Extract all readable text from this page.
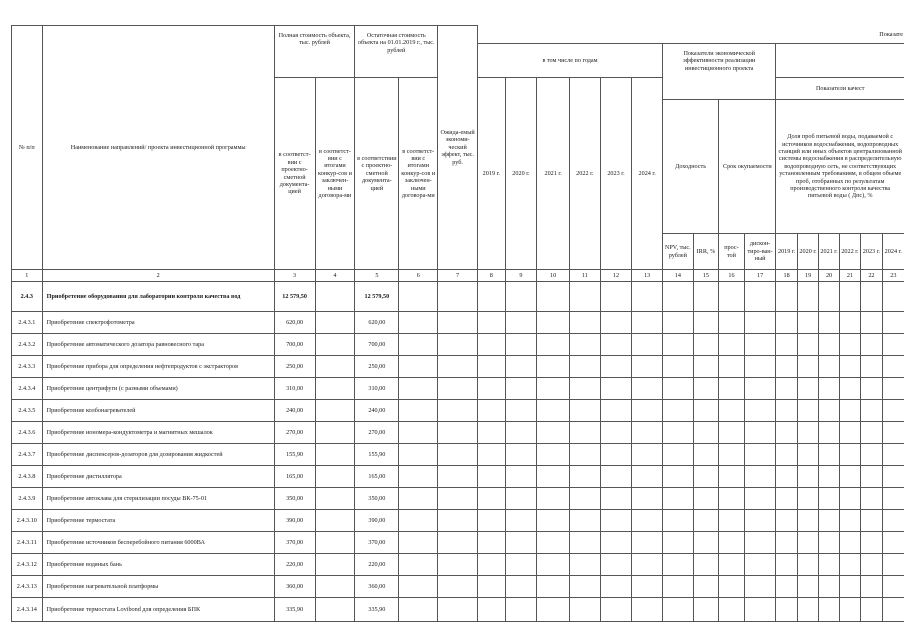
№ п/п	Наименование направлений/ проекта инвестиционной программы	Полная стоимость объекта, тыс. рублей		Остаточная стоимость объекта на 01.01.2019 г., тыс. рублей		Ожида-емый экономи-ческий эффект, тыс. руб.	Показате															
							в том числе по годам						Показатели экономической эффективности реализации инвестиционного проекта									
		в соответст-вии с проектно-сметной документа-цией	в соответст-вии с итогами конкур-сов и заключен-ными договора-ми	в соответствии с проектно-сметной документа-цией	в соответст-вии с итогами конкур-сов и заключен-ными договора-ми		2019 г.	2020 г.	2021 г.	2022 г.	2023 г.	2024 г.					Показатели качест					
													Доходность		Срок окупаемости		Доля проб питьевой воды, подаваемой с источников водоснабжения, водопроводных станций или иных объектов централизованной системы водоснабжения в распределительную водопроводную сеть, не соответствующих установленным требованиям, в общем объеме проб, отобранных по результатам производственного контроля качества питьевой воды ( Дпс), %					
													NPV, тыс. рублей	IRR, %	прос-той	дискон-тиро-ван-ный	2019 г.	2020 г.	2021 г.	2022 г.	2023 г.	2024 г.
1	2	3	4	5	6	7	8	9	10	11	12	13	14	15	16	17	18	19	20	21	22	23
2.4.3	Приобретение оборудования для лаборатории контроля качества вод	12 579,50		12 579,50																		
2.4.3.1	Приобретение спектрофотометра	620,00		620,00																		
2.4.3.2	Приобретение автоматического дозатора равновесного тара	700,00		700,00																		
2.4.3.3	Приобретение прибора для определения нефтепродуктов с экстракторов	250,00		250,00																		
2.4.3.4	Приобретение центрифуги (с разными объемами)	310,00		310,00																		
2.4.3.5	Приобретение колбонагревателей	240,00		240,00																		
2.4.3.6	Приобретение иономера-кондуктометра и магнитных мешалок	270,00		270,00																		
2.4.3.7	Приобретение диспенсеров-дозаторов для дозирования жидкостей	155,90		155,90																		
2.4.3.8	Приобретение дистиллятора	165,00		165,00																		
2.4.3.9	Приобретение автоклава для стерилизации посуды ВК-75-01	350,00		350,00																		
2.4.3.10	Приобретение термостата	390,00		390,00																		
2.4.3.11	Приобретение источников бесперебойного питания 6000ВА	370,00		370,00																		
2.4.3.12	Приобретение водяных бань	220,00		220,00																		
2.4.3.13	Приобретение нагревательной платформы	360,00		360,00																		
2.4.3.14	Приобретение термостата Lovibond для определения БПК	335,90		335,90																		
